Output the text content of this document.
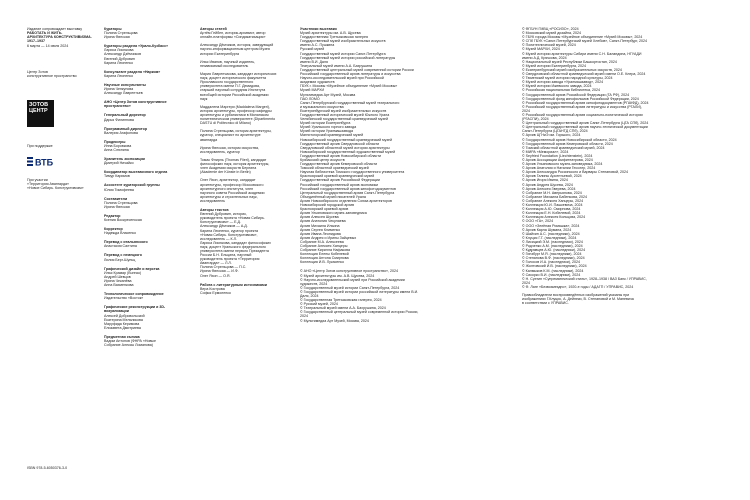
Издание сопровождает выставку
РАБОТАТЬ И ЖИТЬ.
АРХИТЕКТУРА КОНСТРУКТИВИЗМА.
1917–1937
6 марта — 14 июля 2024
Центр Зотов
конструктивное пространство
ЗОТОВ
ЦЕНТР
При поддержке
ВТБ
При участии
«Территория Авангарда»
«Новое Сибирь. Конструктивизм»
ISBN 978-5-6050376-3-0

Кураторы

Полина Стрельцова
Ирина Финская

Кураторы раздела «Урало-Кузбасс»

Лариса Лисюкова
Александр Дзёмчиков
Евгений Дубровин
Карина Леоненко

Консультант раздела «Нарком»

Карина Леоненко

Научные консультанты

Ирина Чепкунова
Александр Лаврентьев

АНО «Центр Зотов конструктивное пространство»

Генеральный директор

Дарья Филиппова

Программный директор

Валерия Агафонова

Продюсеры

Инна Боровкова
Анна Слюнина

Хранитель экспозиции

Дмитрий Ничайко

Координатор выставочного отдела

Тимур Каримов

Ассистент кураторской группы

Юлия Тимофеева

Составители

Полина Стрельцова
Ирина Финская

Редактор

Ксения Воскресенская

Корректор

Надежда Власенко

Перевод с итальянского

Анастасия Салтина

Перевод с немецкого

Лилия Берг-Шульц

Графический дизайн и верстка

Илья Крамар (Bureau)
Андрей Шевцов
Ирина Чеканёва
Анна Вахменкова

Технологическое сопровождение

Издательство «Восток»

Графические реконструкции и 3D-визуализации

Алексей Добровольский
Екатерина Мельникова
Маруфида Керимова
Елизавета Дмитриева

Предметная съемка

Вадим Антонов (ФНРА «Новые
Собрание Алексы Ломанова)

Авторы статей

Артём Гейбен, историк-архивист, автор
онлайн-платформы «Синдикатизация»

Александр Дёмчиков, историк, заведующий
научно-информационным центром Музея
истории Екатеринбурга

Илья Иванов, научный издатель,
независимый исследователь

Мария Лавренчикова, кандидат исторических
наук, доцент исторического факультета
Ярославского государственного
университета имени П.Г. Демидова,
старший научный сотрудник Института
всеобщей истории Российской академии
наук

Маддалена Маргери (Maddalena Margeri),
историк архитектуры, профессор кафедры
архитектуры и урбанистики в Миланском
политехническом университете (Dipartimento
DASTU di Politecnico di Milano)

Полина Стрельцова, историк архитектуры,
куратор, специалист по архитектуре
авангарда

Ирина Финская, историк искусства,
исследователь, куратор

Томас Флирль (Thomas Flierl), кандидат
философских наук, историк архитектуры,
член Академии искусств Берлина
(Akademie der Künste in Berlin)

Олег Яхон, архитектор, кандидат
архитектуры, профессор Московского
архитектурного института, член
научного совета Российской академии
архитектуры и строительных наук,
исследователь

Авторы текстов

Евгений Дубровин, историк,
руководитель проекта «Новая Сибирь.
Конструктивизм» — Е.Д.
Александр Дёмчиков — А.Д.
Карина Леоненко, куратор проекта
«Новая Сибирь. Конструктивизм»,
исследователь — К.Л.
Лариса Лисюкова, кандидат философских
наук, доцент Уральского федерального
университета имени первого Президента
России Б.Н. Ельцина, научный
руководитель проекта «Территория
Авангарда» — Л.Л.
Полина Стрельцова — П.С.
Ирина Финская — И.Ф.
Олег Яхон — О.Я.

Работа с литературным источниками

Вера Кострова
Софья Ермоленко

Участники выставки

Музей архитектуры им. А.В. Щусева

Государственная Третьяковская галерея

Государственный музей изобразительных искусств

имени А.С. Пушкина

Русский музей

Государственный музей истории Санкт-Петербурга

Государственный музей истории российской литературы

имени В.И. Даля

Театральный музей имени А.А. Бахрушина

Государственный центральный музей современной истории России

Российский государственный архив литературы и искусства

Научно-исследовательский музей при Российской

академии художеств

ГБУК г. Москвы «Музейное объединение «Музей Москвы»

Музей МАРХИ

Мультимедиа Арт Музей, Москва

ПАО ЛОМО

Санкт-Петербургский государственный музей театрального

и музыкального искусства

Екатеринбургский музей изобразительных искусств

Государственный исторический музей Южного Урала

Челябинский государственный краеведческий музей

Музей истории Екатеринбурга

Музей Уральского горного завода

Музей истории Уралмашзавода

Магнитогорский краеведческий музей

Новосибирский государственный краеведческий музей

Государственный архив Свердловской области

Свердловский областной музей истории архитектуры

Новосибирский государственный художественный музей

Государственный архив Новосибирской области

Кузбасский центр искусств

Государственный архив Кемеровской области

Томский областной краеведческий музей

Научная библиотека Томского государственного университета

Красноярский краевой краеведческий музей

Государственный архив Российской Федерации

Российский государственный архив экономики

Российский государственный архив кинофотодокументов

Центральный государственный архив Санкт-Петербурга

Объединённый музей писателей Урала

Архив Новосибирского отделения Союза архитекторов

Новосибирский городской архив

Красноярский краевой архив

Архив Ульяновского музея-заповедника

Архив Алексея Шусева

Архив Анатолия Чекулаева

Архив Михаила Ильина

Архив Сергея Клименко

Архив Ивана Леонидова

Архив Андрея и Ирины Зайцевых

Собрание М.А. Алексеева

Собрание Алексея Ханцеры

Собрание Кирилла Нафакова

Коллекция Елены Кобелевой

Коллекция Антона Смирнова

Коллекция И.В. Лукасенко

© АНО «Центр Зотов конструктивное пространство», 2024

© Музей архитектуры им. А.В. Щусева, 2024

© Научно-исследовательский музей при Российской академии художеств, 2024

© Государственный музей истории Санкт-Петербурга, 2024

© Государственный музей истории российской литературы имени В.И. Даля, 2024

© Государственная Третьяковская галерея, 2024

© Русский музей, 2024

© Театральный музей имени А.А. Бахрушина, 2024

© Государственный центральный музей современной истории России, 2024

© Мультимедиа Арт Музей, Москва, 2024

© ФГБУН ГМВЦ «РОСИЗО», 2024

© Московский музей дизайна, 2024

© ГБУК города Москвы «Музейное объединение «Музей Москвы», 2024

© СПб ГБУК «Санкт-Петербургский музей Хлебов», Санкт-Петербург, 2024

© Политехнический музей, 2024

© Музей МАРХИ, 2024

© Музей истории архитектуры Сибири имени С.Н. Баландина, НГУАДИ имени А.Д. Крячкова, 2024

© Национальный музей Республики Башкортостан, 2024

© Музей истории Екатеринбурга, 2024

© Екатеринбургский музей изобразительных искусств, 2024

© Свердловский областной краеведческий музей имени О.Е. Клера, 2024

© Тюменский музей истории народной культуры, 2024

© Музей истории завода «Уралмашзавод», 2024

© Музей истории Ижевского завода, 2024

© Российская национальная библиотека, 2024

© Государственный архив Российской Федерации (ГА РФ), 2024

© Государственный фонд кинофильмов Российской Федерации, 2024

© Российский государственный архив кинофотодокументов (РГАКФД), 2024

© Российский государственный архив литературы и искусства (РГАЛИ), 2024

© Российский государственный архив социально-политической истории (РГАСПИ), 2024

© Центральный государственный архив Санкт-Петербурга (ЦГА СПб), 2024

© Центральный государственный архив научно-технической документации Санкт-Петербурга (ЦГАНТД СПб), 2024

© Архив ЦГНиЭ им. Горького, 2024

© Государственный архив Новосибирской области, 2024

© Государственный архив Кемеровской области, 2024

© Томский областной краеведческий музей, 2024

© МИРА «Мемориал», 2024

© Seyfried Foundation (Liechtenstein), 2024

© Архив Ассоциации Амфитеатрова, 2024

© Архив Ульяновского музея-заповедника, 2024

© Архив Анатолия и Наталии Гесслер, 2024

© Архив Александра Россинского и Варвары Степановой, 2024

© Архив Галины Арсентьевой, 2024

© Архив Игоря Ивина, 2024

© Архив Андрея Шусева, 2024

© Архив Алексея Зверева, 2024

© Собрание М.Н. Аверьянова, 2024

© Собрание Михаила Бабенкова, 2024

© Собрание Алексея Ханцеры, 2024

© Коллекция Ю.И. Пашкевича, 2024

© Коллекция А.Ю. Смирнова, 2024

© Коллекция Е.Н. Кобелевой, 2024

© Коллекция Алексея Кольцова, 2024

© ООО «ГА», 2024

© ООО «Зелёная Ромашка», 2024

© Архив Карла Шумана, 2024

© Шайхин А.С. (наследники), 2024

© Клуцис Г.Г. (наследники), 2024

© Лисицкий Э.М. (наследники), 2024

© Родченко А.М. (наследники), 2024

© Кудрявцев А.Ю. (наследники), 2024

© Гинзбург М.Я. (наследники), 2024

© Степанова В.Ф. (наследники), 2024

© Голосов И.А. (наследники), 2024

© Жолтовский И.В. (наследники), 2024

© Калмыков К.М. (наследники), 2024

© Сикорко В.И. (наследники), 2024

© Н. Суэтин «Супрематический стиль», 1928–1938 / ВАЗ Банк / УПРАВИС, 2024

© Ф. Лаге «Безвозмездно», 1920-е годы / АДАГП / УПРАВИС, 2024

Правообладатели воспроизведённых изображений указаны при
изображениях Г.Клуцис, А. Дейнеки, В. Степановой и М. Маневича
в соответствии с УПРАВИС.
